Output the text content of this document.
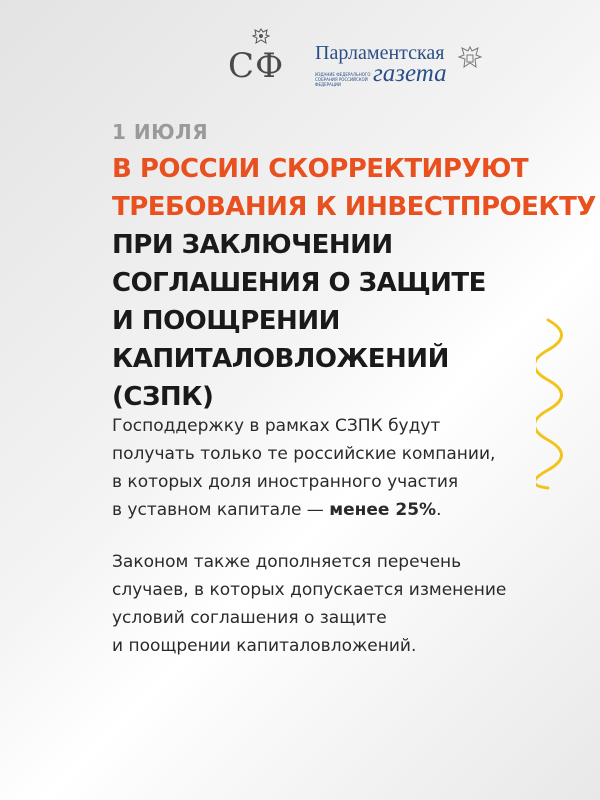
СФ Парламентская
газета
ИЗДАНИЕ ФЕДЕРАЛЬНОГО СОБРАНИЯ РОССИЙСКОЙ ФЕДЕРАЦИИ
1 ИЮЛЯ
В РОССИИ СКОРРЕКТИРУЮТ
ТРЕБОВАНИЯ К ИНВЕСТПРОЕКТУ
ПРИ ЗАКЛЮЧЕНИИ
СОГЛАШЕНИЯ О ЗАЩИТЕ
И ПООЩРЕНИИ
КАПИТАЛОВЛОЖЕНИЙ
(СЗПК)

Господдержку в рамках СЗПК будут
получать только те российские компании,
в которых доля иностранного участия
в уставном капитале — менее 25%.

Законом также дополняется перечень
случаев, в которых допускается изменение
условий соглашения о защите
и поощрении капиталовложений.
